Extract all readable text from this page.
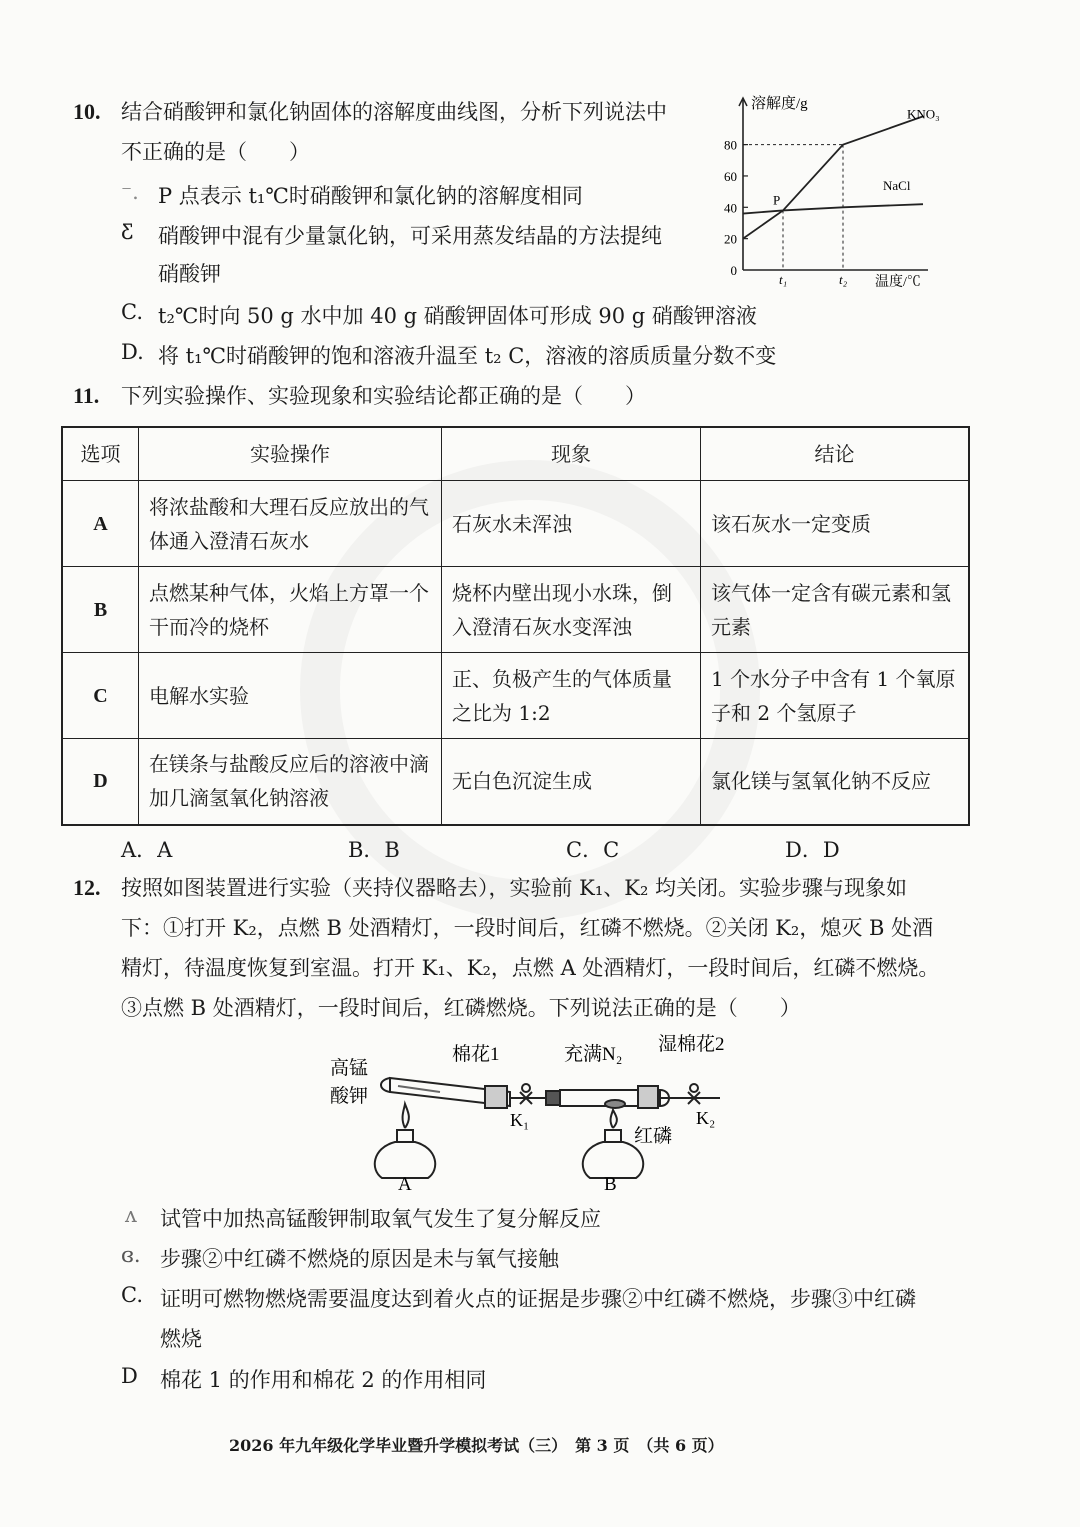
10. 结合硝酸钾和氯化钠固体的溶解度曲线图，分析下列说法中
不正确的是（　　）
⁻. P 点表示 t₁℃时硝酸钾和氯化钠的溶解度相同
Ƹ 硝酸钾中混有少量氯化钠，可采用蒸发结晶的方法提纯
硝酸钾
C. t₂℃时向 50 g 水中加 40 g 硝酸钾固体可形成 90 g 硝酸钾溶液
D. 将 t₁℃时硝酸钾的饱和溶液升温至 t₂ C，溶液的溶质质量分数不变
0
20
40
60
80
t₁	t₂
KNO₃
NaCl
溶解度/g
温度/℃
P
11. 下列实验操作、实验现象和实验结论都正确的是（　　）
选项	实验操作	现象	结论
A	将浓盐酸和大理石反应放出的气体通入澄清石灰水	石灰水未浑浊	该石灰水一定变质
B	点燃某种气体，火焰上方罩一个干而冷的烧杯	烧杯内壁出现小水珠，倒入澄清石灰水变浑浊	该气体一定含有碳元素和氢元素
C	电解水实验	正、负极产生的气体质量之比为 1:2	1 个水分子中含有 1 个氧原子和 2 个氢原子
D	在镁条与盐酸反应后的溶液中滴加几滴氢氧化钠溶液	无白色沉淀生成	氯化镁与氢氧化钠不反应
A．A	B．B	C．C	D．D
12. 按照如图装置进行实验（夹持仪器略去），实验前 K₁、K₂ 均关闭。实验步骤与现象如
下：①打开 K₂，点燃 B 处酒精灯，一段时间后，红磷不燃烧。②关闭 K₂，熄灭 B 处酒
精灯，待温度恢复到室温。打开 K₁、K₂，点燃 A 处酒精灯，一段时间后，红磷不燃烧。
③点燃 B 处酒精灯，一段时间后，红磷燃烧。下列说法正确的是（　　）
高锰
酸钾
棉花1	充满N₂ 湿棉花2
K₁	K₂
红磷
A	B
ʌ 试管中加热高锰酸钾制取氧气发生了复分解反应
ɞ. 步骤②中红磷不燃烧的原因是未与氧气接触
C. 证明可燃物燃烧需要温度达到着火点的证据是步骤②中红磷不燃烧，步骤③中红磷
燃烧
D 棉花 1 的作用和棉花 2 的作用相同
2026 年九年级化学毕业暨升学模拟考试（三）　第 3 页　（共 6 页）
